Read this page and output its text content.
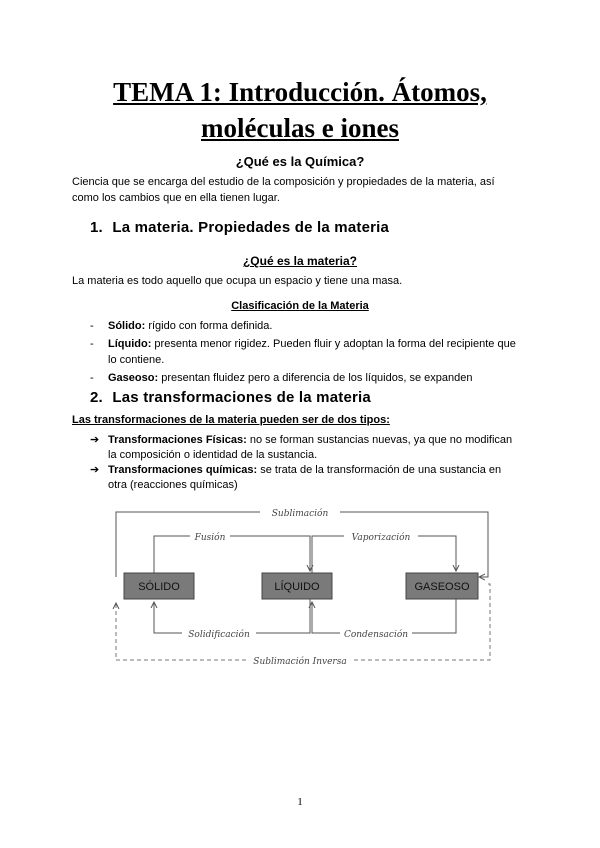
TEMA 1: Introducción. Átomos,
moléculas e iones
¿Qué es la Química?
Ciencia que se encarga del estudio de la composición y propiedades de la materia, así
como los cambios que en ella tienen lugar.
1. La materia. Propiedades de la materia
¿Qué es la materia?
La materia es todo aquello que ocupa un espacio y tiene una masa.
Clasificación de la Materia
- Sólido: rígido con forma definida.
- Líquido: presenta menor rigidez. Pueden fluir y adoptan la forma del recipiente que
lo contiene.
- Gaseoso: presentan fluidez pero a diferencia de los líquidos, se expanden
2. Las transformaciones de la materia
Las transformaciones de la materia pueden ser de dos tipos:
➔ Transformaciones Físicas: no se forman sustancias nuevas, ya que no modifican
la composición o identidad de la sustancia.
➔ Transformaciones químicas: se trata de la transformación de una sustancia en
otra (reacciones químicas)
Sublimación
Fusión	Vaporización
SÓLIDO	LÍQUIDO	GASEOSO
Solidificación	Condensación
Sublimación Inversa
1
